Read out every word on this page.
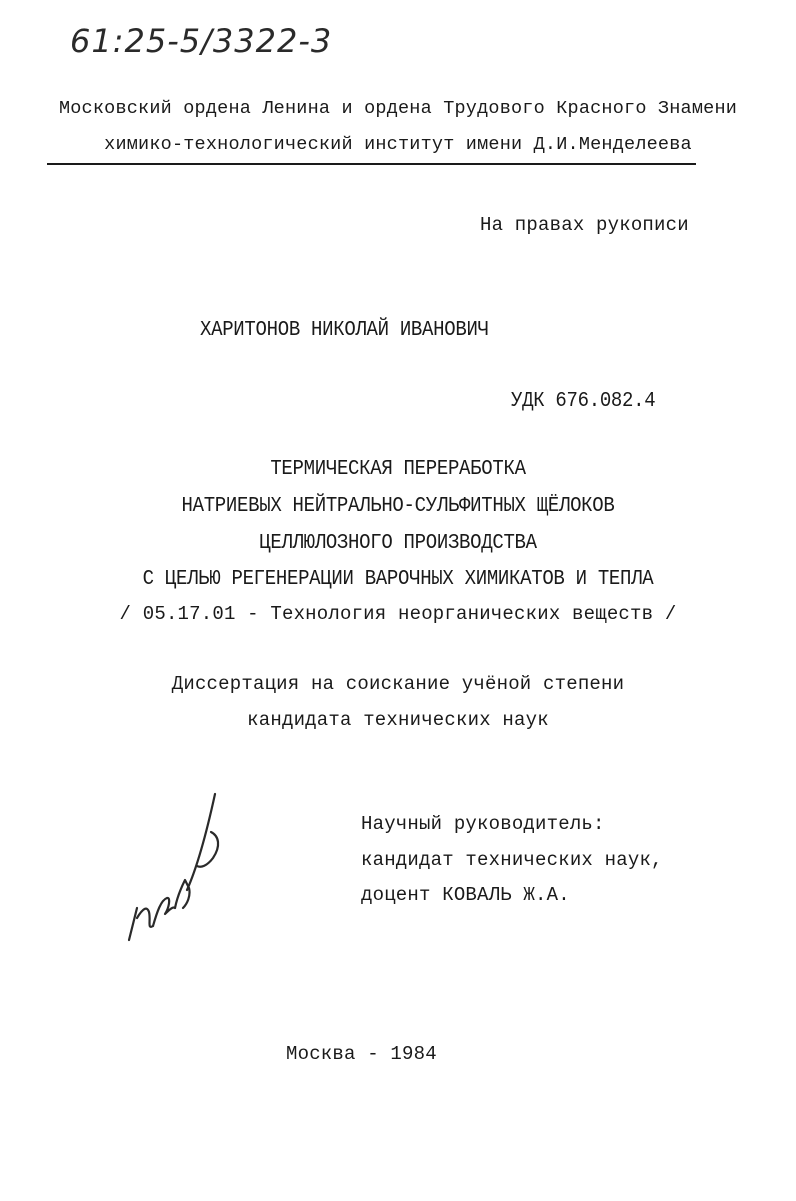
61:25-5/3322-3
Московский ордена Ленина и ордена Трудового Красного Знамени
химико-технологический институт имени Д.И.Менделеева
На правах рукописи
ХАРИТОНОВ НИКОЛАЙ ИВАНОВИЧ
УДК 676.082.4
ТЕРМИЧЕСКАЯ ПЕРЕРАБОТКА
НАТРИЕВЫХ НЕЙТРАЛЬНО-СУЛЬФИТНЫХ ЩЁЛОКОВ
ЦЕЛЛЮЛОЗНОГО ПРОИЗВОДСТВА
С ЦЕЛЬЮ РЕГЕНЕРАЦИИ ВАРОЧНЫХ ХИМИКАТОВ И ТЕПЛА
/ 05.17.01 - Технология неорганических веществ /
Диссертация на соискание учёной степени
кандидата технических наук
Научный руководитель:
кандидат технических наук,
доцент КОВАЛЬ Ж.А.
Москва - 1984
